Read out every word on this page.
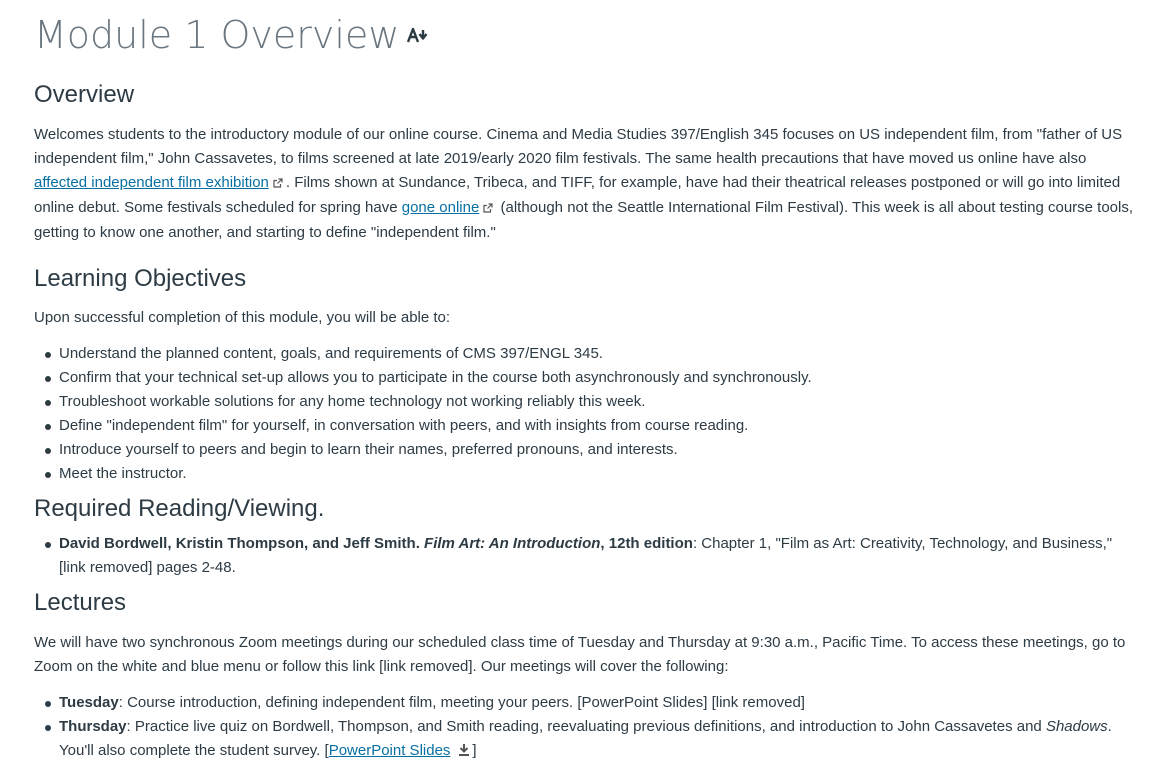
Module 1 Overview
Overview

Welcomes students to the introductory module of our online course. Cinema and Media Studies 397/English 345 focuses on US independent film, from "father of US independent film," John Cassavetes, to films screened at late 2019/early 2020 film festivals. The same health precautions that have moved us online have also affected independent film exhibition . Films shown at Sundance, Tribeca, and TIFF, for example, have had their theatrical releases postponed or will go into limited online debut. Some festivals scheduled for spring have gone online (although not the Seattle International Film Festival). This week is all about testing course tools, getting to know one another, and starting to define "independent film."

Learning Objectives

Upon successful completion of this module, you will be able to:

Understand the planned content, goals, and requirements of CMS 397/ENGL 345.
Confirm that your technical set-up allows you to participate in the course both asynchronously and synchronously.
Troubleshoot workable solutions for any home technology not working reliably this week.
Define "independent film" for yourself, in conversation with peers, and with insights from course reading.
Introduce yourself to peers and begin to learn their names, preferred pronouns, and interests.
Meet the instructor.
Required Reading/Viewing.
David Bordwell, Kristin Thompson, and Jeff Smith. Film Art: An Introduction, 12th edition: Chapter 1, "Film as Art: Creativity, Technology, and Business," [link removed] pages 2-48.
Lectures

We will have two synchronous Zoom meetings during our scheduled class time of Tuesday and Thursday at 9:30 a.m., Pacific Time. To access these meetings, go to Zoom on the white and blue menu or follow this link [link removed]. Our meetings will cover the following:

Tuesday: Course introduction, defining independent film, meeting your peers. [PowerPoint Slides] [link removed]
Thursday: Practice live quiz on Bordwell, Thompson, and Smith reading, reevaluating previous definitions, and introduction to John Cassavetes and Shadows. You'll also complete the student survey. [PowerPoint Slides ]
